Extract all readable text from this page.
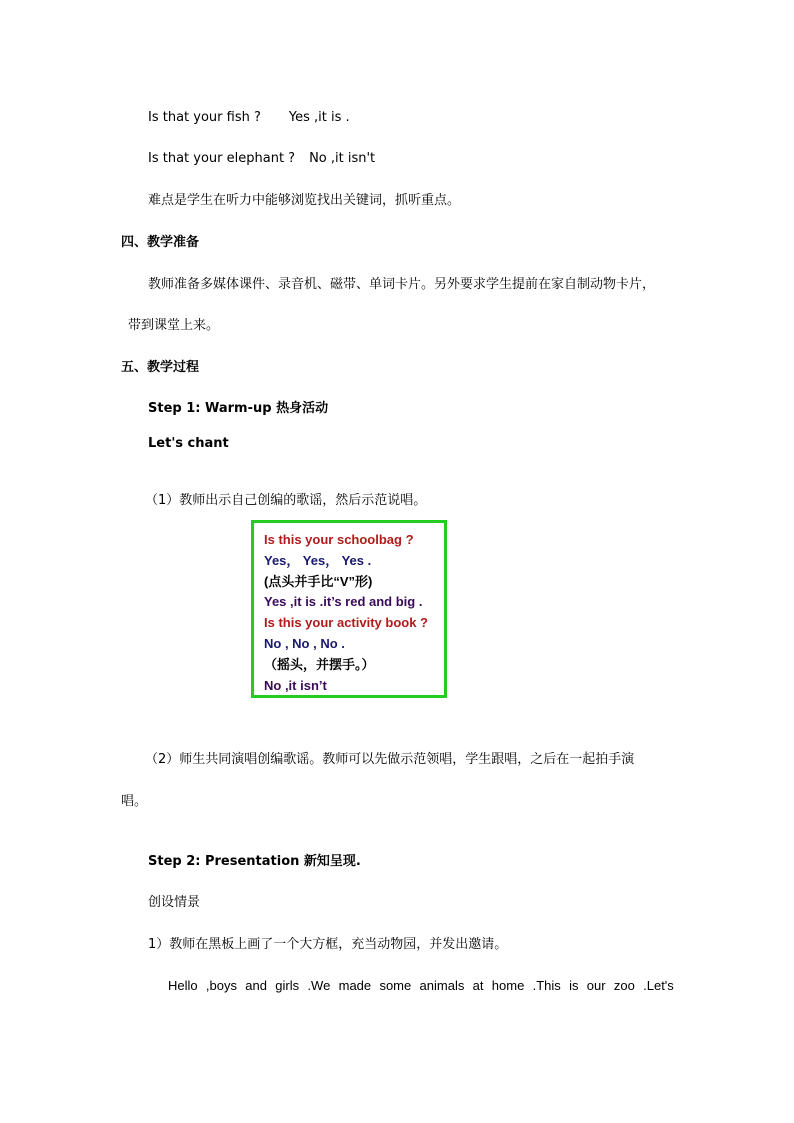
Is that your fish ? Yes ,it is .
Is that your elephant ? No ,it isn't
难点是学生在听力中能够浏览找出关键词，抓听重点。
四、教学准备
教师准备多媒体课件、录音机、磁带、单词卡片。另外要求学生提前在家自制动物卡片，
带到课堂上来。
五、教学过程
Step 1: Warm-up 热身活动
Let's chant
（1）教师出示自己创编的歌谣，然后示范说唱。
Is this your schoolbag ?
Yes， Yes， Yes .
(点头并手比“V”形)
Yes ,it is .it’s red and big .
Is this your activity book ?
No , No , No .
（摇头，并摆手。）
No ,it isn’t
（2）师生共同演唱创编歌谣。教师可以先做示范领唱，学生跟唱，之后在一起拍手演
唱。
Step 2: Presentation 新知呈现.
创设情景
1）教师在黑板上画了一个大方框，充当动物园，并发出邀请。
Hello ,boys and girls .We made some animals at home .This is our zoo .Let's
